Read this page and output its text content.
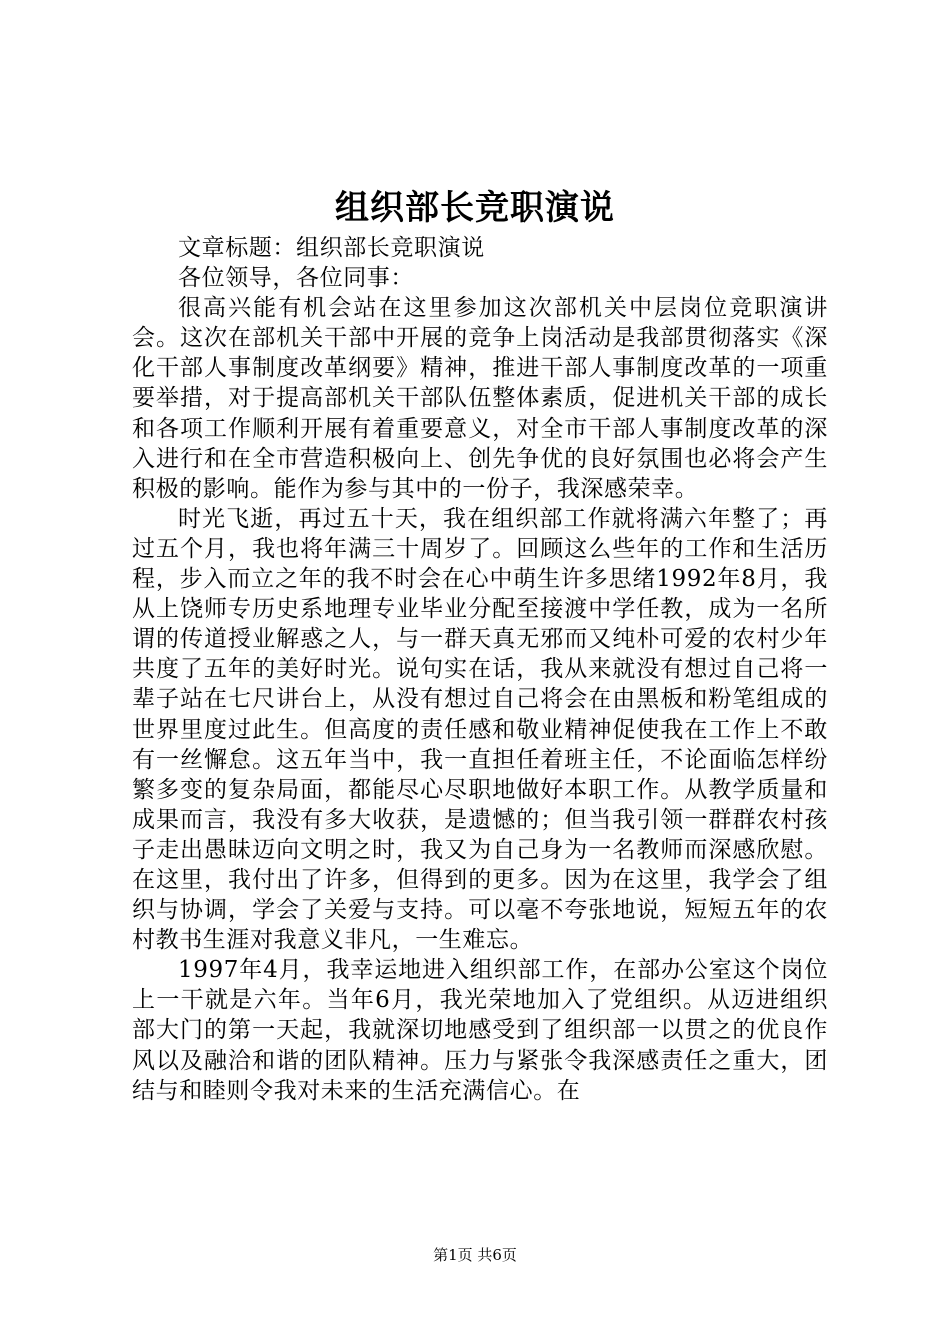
组织部长竞职演说

文章标题：组织部长竞职演说

各位领导，各位同事：

很高兴能有机会站在这里参加这次部机关中层岗位竞职演讲会。这次在部机关干部中开展的竞争上岗活动是我部贯彻落实《深化干部人事制度改革纲要》精神，推进干部人事制度改革的一项重要举措，对于提高部机关干部队伍整体素质，促进机关干部的成长和各项工作顺利开展有着重要意义，对全市干部人事制度改革的深入进行和在全市营造积极向上、创先争优的良好氛围也必将会产生积极的影响。能作为参与其中的一份子，我深感荣幸。

时光飞逝，再过五十天，我在组织部工作就将满六年整了；再过五个月，我也将年满三十周岁了。回顾这么些年的工作和生活历程，步入而立之年的我不时会在心中萌生许多思绪1992年8月，我从上饶师专历史系地理专业毕业分配至接渡中学任教，成为一名所谓的传道授业解惑之人，与一群天真无邪而又纯朴可爱的农村少年共度了五年的美好时光。说句实在话，我从来就没有想过自己将一辈子站在七尺讲台上，从没有想过自己将会在由黑板和粉笔组成的世界里度过此生。但高度的责任感和敬业精神促使我在工作上不敢有一丝懈怠。这五年当中，我一直担任着班主任，不论面临怎样纷繁多变的复杂局面，都能尽心尽职地做好本职工作。从教学质量和成果而言，我没有多大收获，是遗憾的；但当我引领一群群农村孩子走出愚昧迈向文明之时，我又为自己身为一名教师而深感欣慰。在这里，我付出了许多，但得到的更多。因为在这里，我学会了组织与协调，学会了关爱与支持。可以毫不夸张地说，短短五年的农村教书生涯对我意义非凡，一生难忘。

1997年4月，我幸运地进入组织部工作，在部办公室这个岗位上一干就是六年。当年6月，我光荣地加入了党组织。从迈进组织部大门的第一天起，我就深切地感受到了组织部一以贯之的优良作风以及融洽和谐的团队精神。压力与紧张令我深感责任之重大，团结与和睦则令我对未来的生活充满信心。在

第1页 共6页
